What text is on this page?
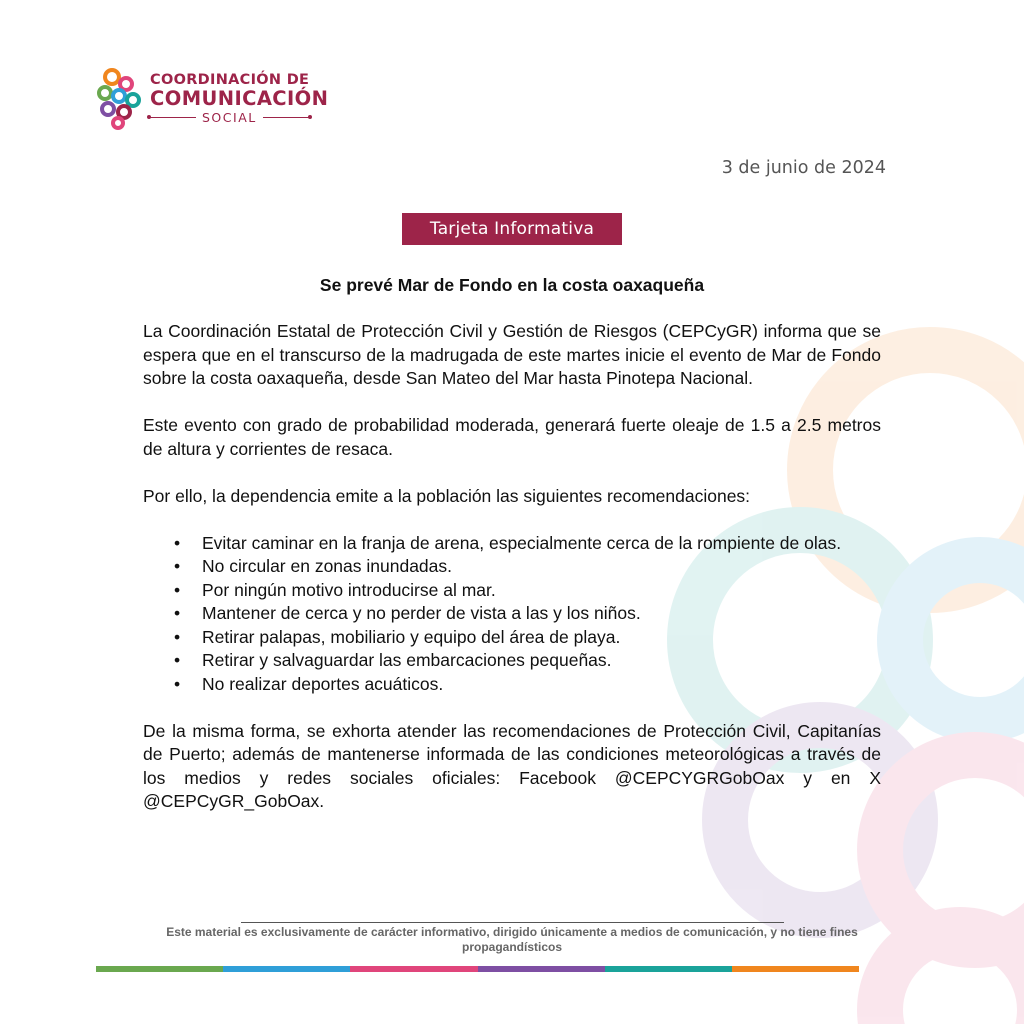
COORDINACIÓN DE
COMUNICACIÓN
SOCIAL
3 de junio de 2024
Tarjeta Informativa
Se prevé Mar de Fondo en la costa oaxaqueña

La Coordinación Estatal de Protección Civil y Gestión de Riesgos (CEPCyGR) informa que se espera que en el transcurso de la madrugada de este martes inicie el evento de Mar de Fondo sobre la costa oaxaqueña, desde San Mateo del Mar hasta Pinotepa Nacional.

Este evento con grado de probabilidad moderada, generará fuerte oleaje de 1.5 a 2.5 metros de altura y corrientes de resaca.

Por ello, la dependencia emite a la población las siguientes recomendaciones:

• Evitar caminar en la franja de arena, especialmente cerca de la rompiente de olas.
• No circular en zonas inundadas.
• Por ningún motivo introducirse al mar.
• Mantener de cerca y no perder de vista a las y los niños.
• Retirar palapas, mobiliario y equipo del área de playa.
• Retirar y salvaguardar las embarcaciones pequeñas.
• No realizar deportes acuáticos.

De la misma forma, se exhorta atender las recomendaciones de Protección Civil, Capitanías de Puerto; además de mantenerse informada de las condiciones meteorológicas a través de los medios y redes sociales oficiales: Facebook @CEPCYGRGobOax y en X @CEPCyGR_GobOax.

Este material es exclusivamente de carácter informativo, dirigido únicamente a medios de comunicación, y no tiene fines propagandísticos
